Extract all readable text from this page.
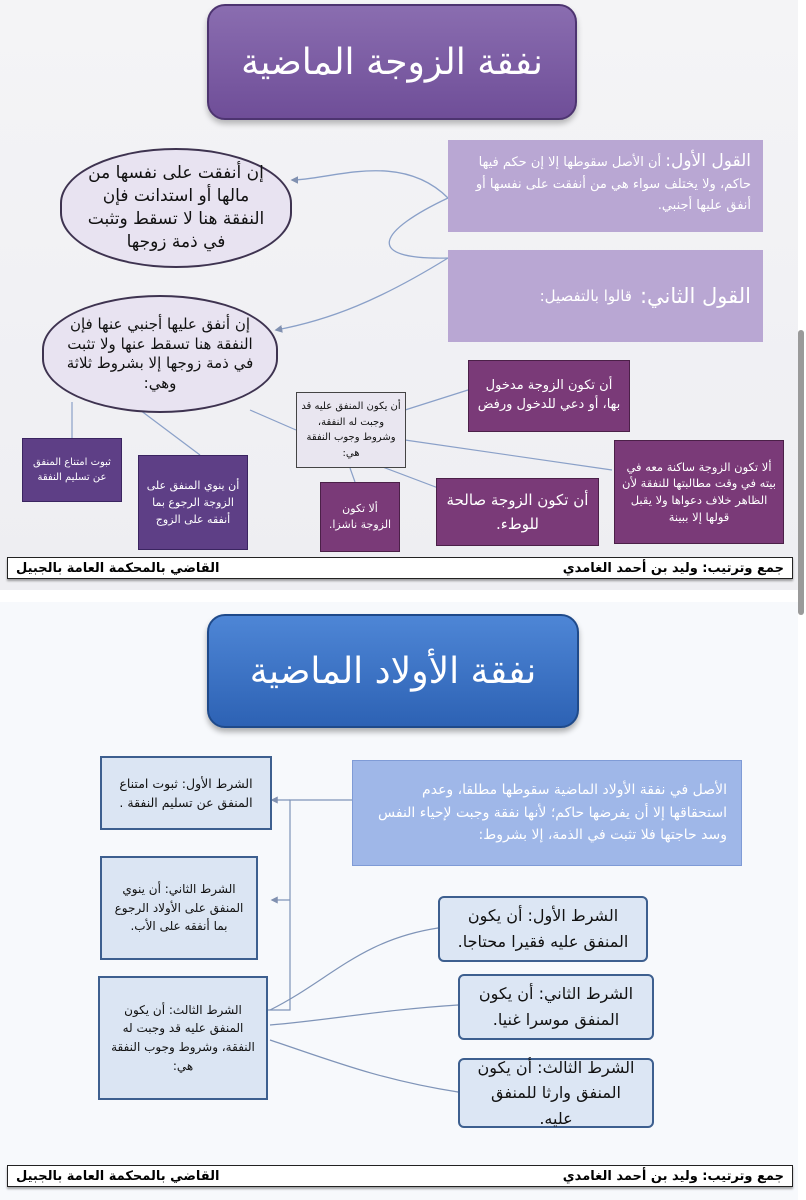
نفقة الزوجة الماضية
القول الأول: أن الأصل سقوطها إلا إن حكم فيها حاكم، ولا يختلف سواء هي من أنفقت على نفسها أو أنفق عليها أجنبي.
القول الثاني:
قالوا بالتفصيل:
إن أنفقت على نفسها من مالها أو استدانت فإن النفقة هنا لا تسقط وتثبت في ذمة زوجها
إن أنفق عليها أجنبي عنها فإن النفقة هنا تسقط عنها ولا تثبت في ذمة زوجها إلا بشروط ثلاثة وهي:
ثبوت امتناع المنفق عن تسليم النفقة
أن ينوي المنفق على الزوجة الرجوع بما أنفقه على الزوج
أن يكون المنفق عليه قد وجبت له النفقة، وشروط وجوب النفقة هي:
ألا تكون الزوجة ناشزا.
أن تكون الزوجة صالحة للوطء.
أن تكون الزوجة مدخول بها، أو دعي للدخول ورفض
ألا تكون الزوجة ساكنة معه في بيته في وقت مطالبتها للنفقة لأن الظاهر خلاف دعواها ولا يقبل قولها إلا ببينة
جمع وترتيب: وليد بن أحمد الغامدي
القاضي بالمحكمة العامة بالجبيل
نفقة الأولاد الماضية
الأصل في نفقة الأولاد الماضية سقوطها مطلقا، وعدم استحقاقها إلا أن يفرضها حاكم؛ لأنها نفقة وجبت لإحياء النفس وسد حاجتها فلا تثبت في الذمة، إلا بشروط:
الشرط الأول: ثبوت امتناع المنفق عن تسليم النفقة .
الشرط الثاني: أن ينوي المنفق على الأولاد الرجوع بما أنفقه على الأب.
الشرط الثالث: أن يكون المنفق عليه قد وجبت له النفقة، وشروط وجوب النفقة هي:
الشرط الأول: أن يكون المنفق عليه فقيرا محتاجا.
الشرط الثاني: أن يكون المنفق موسرا غنيا.
الشرط الثالث: أن يكون المنفق وارثا للمنفق عليه.
جمع وترتيب: وليد بن أحمد الغامدي
القاضي بالمحكمة العامة بالجبيل
